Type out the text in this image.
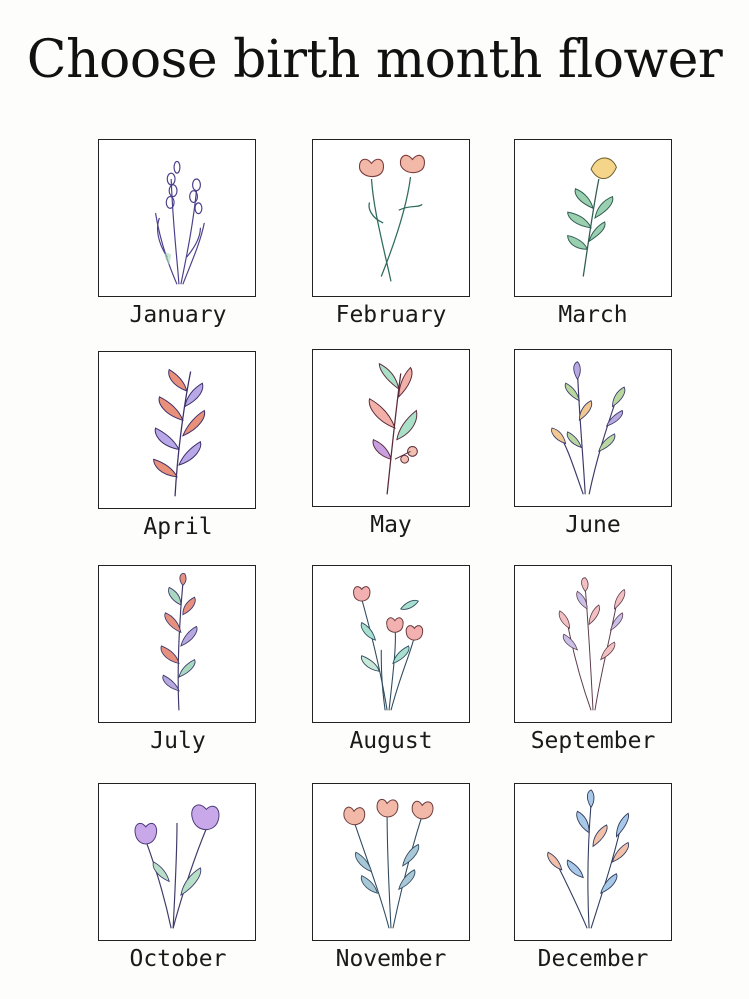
Choose birth month flower
January	February	March
April	May	June
July	August	September
October	November	December
